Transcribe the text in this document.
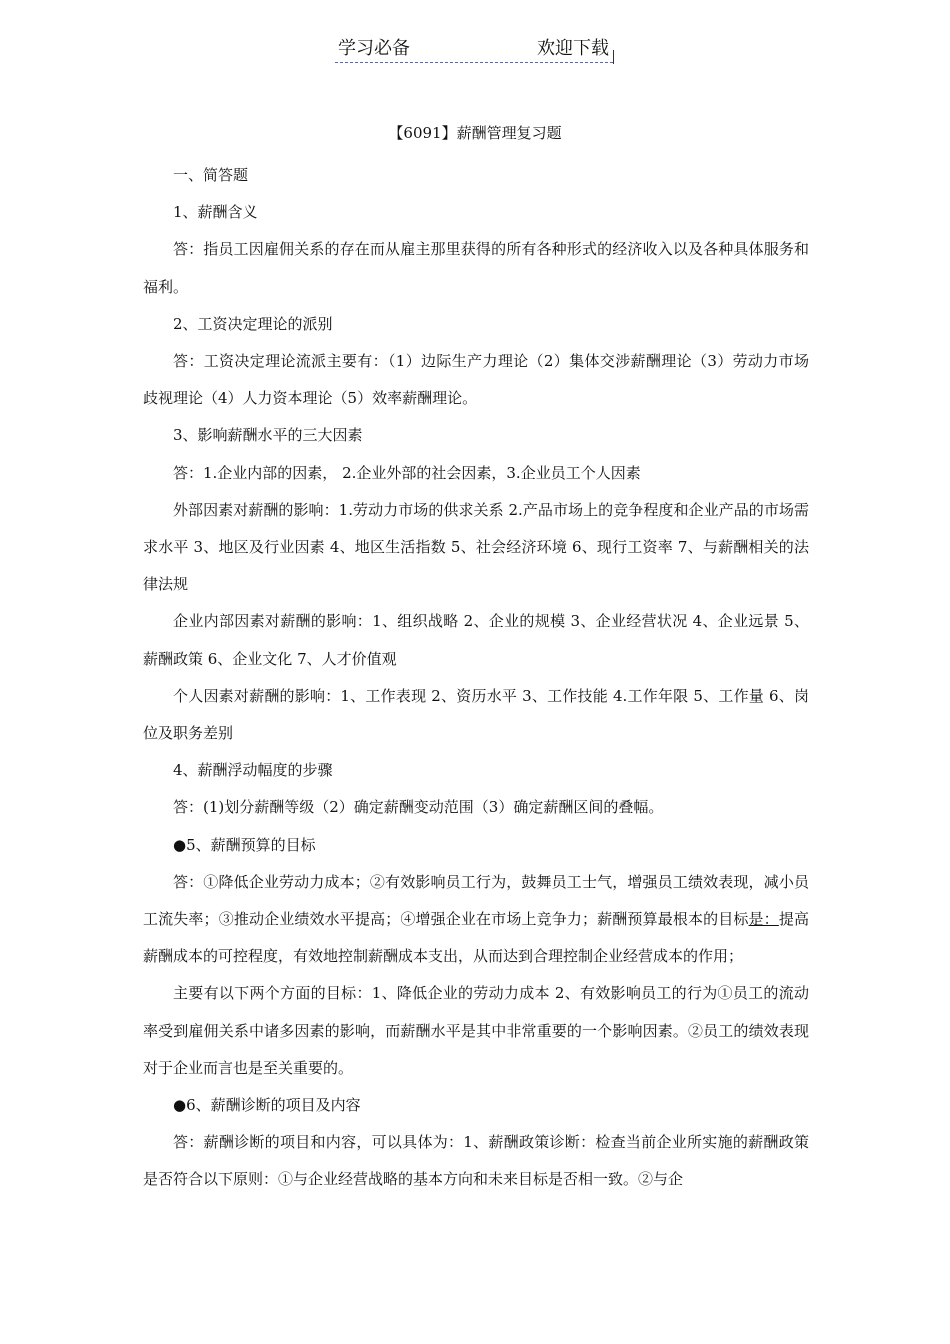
学习必备	欢迎下载
【6091】薪酬管理复习题

一、简答题

1、薪酬含义

答：指员工因雇佣关系的存在而从雇主那里获得的所有各种形式的经济收入以及各种具体服务和福利。

2、工资决定理论的派别

答：工资决定理论流派主要有：（1）边际生产力理论（2）集体交涉薪酬理论（3）劳动力市场歧视理论（4）人力资本理论（5）效率薪酬理论。

3、影响薪酬水平的三大因素

答：1.企业内部的因素， 2.企业外部的社会因素，3.企业员工个人因素

外部因素对薪酬的影响：1.劳动力市场的供求关系 2.产品市场上的竞争程度和企业产品的市场需求水平 3、地区及行业因素 4、地区生活指数 5、社会经济环境 6、现行工资率 7、与薪酬相关的法律法规

企业内部因素对薪酬的影响：1、组织战略 2、企业的规模 3、企业经营状况 4、企业远景 5、薪酬政策 6、企业文化 7、人才价值观

个人因素对薪酬的影响：1、工作表现 2、资历水平 3、工作技能 4.工作年限 5、工作量 6、岗位及职务差别

4、薪酬浮动幅度的步骤

答：(1)划分薪酬等级（2）确定薪酬变动范围（3）确定薪酬区间的叠幅。

●5、薪酬预算的目标

答：①降低企业劳动力成本；②有效影响员工行为，鼓舞员工士气，增强员工绩效表现，减小员工流失率；③推动企业绩效水平提高；④增强企业在市场上竞争力；薪酬预算最根本的目标是：提高薪酬成本的可控程度，有效地控制薪酬成本支出，从而达到合理控制企业经营成本的作用；

主要有以下两个方面的目标：1、降低企业的劳动力成本 2、有效影响员工的行为①员工的流动率受到雇佣关系中诸多因素的影响，而薪酬水平是其中非常重要的一个影响因素。②员工的绩效表现对于企业而言也是至关重要的。

●6、薪酬诊断的项目及内容

答：薪酬诊断的项目和内容，可以具体为：1、薪酬政策诊断：检查当前企业所实施的薪酬政策是否符合以下原则：①与企业经营战略的基本方向和未来目标是否相一致。②与企
